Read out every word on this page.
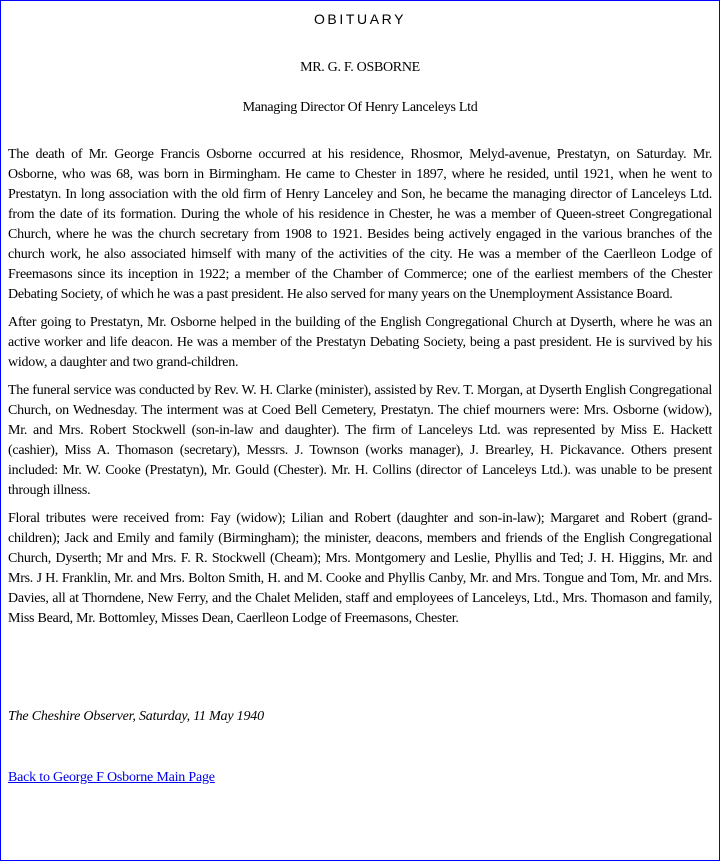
OBITUARY
MR. G. F. OSBORNE
Managing Director Of Henry Lanceleys Ltd

The death of Mr. George Francis Osborne occurred at his residence, Rhosmor, Melyd-avenue, Prestatyn, on Saturday. Mr. Osborne, who was 68, was born in Birmingham. He came to Chester in 1897, where he resided, until 1921, when he went to Prestatyn. In long association with the old firm of Henry Lanceley and Son, he became the managing director of Lanceleys Ltd. from the date of its formation. During the whole of his residence in Chester, he was a member of Queen-street Congregational Church, where he was the church secretary from 1908 to 1921. Besides being actively engaged in the various branches of the church work, he also associated himself with many of the activities of the city. He was a member of the Caerlleon Lodge of Freemasons since its inception in 1922; a member of the Chamber of Commerce; one of the earliest members of the Chester Debating Society, of which he was a past president. He also served for many years on the Unemployment Assistance Board.

After going to Prestatyn, Mr. Osborne helped in the building of the English Congregational Church at Dyserth, where he was an active worker and life deacon. He was a member of the Prestatyn Debating Society, being a past president. He is survived by his widow, a daughter and two grand-children.

The funeral service was conducted by Rev. W. H. Clarke (minister), assisted by Rev. T. Morgan, at Dyserth English Congregational Church, on Wednesday. The interment was at Coed Bell Cemetery, Prestatyn. The chief mourners were: Mrs. Osborne (widow), Mr. and Mrs. Robert Stockwell (son-in-law and daughter). The firm of Lanceleys Ltd. was represented by Miss E. Hackett (cashier), Miss A. Thomason (secretary), Messrs. J. Townson (works manager), J. Brearley, H. Pickavance. Others present included: Mr. W. Cooke (Prestatyn), Mr. Gould (Chester). Mr. H. Collins (director of Lanceleys Ltd.). was unable to be present through illness.

Floral tributes were received from: Fay (widow); Lilian and Robert (daughter and son-in-law); Margaret and Robert (grand-children); Jack and Emily and family (Birmingham); the minister, deacons, members and friends of the English Congregational Church, Dyserth; Mr and Mrs. F. R. Stockwell (Cheam); Mrs. Montgomery and Leslie, Phyllis and Ted; J. H. Higgins, Mr. and Mrs. J H. Franklin, Mr. and Mrs. Bolton Smith, H. and M. Cooke and Phyllis Canby, Mr. and Mrs. Tongue and Tom, Mr. and Mrs. Davies, all at Thorndene, New Ferry, and the Chalet Meliden, staff and employees of Lanceleys, Ltd., Mrs. Thomason and family, Miss Beard, Mr. Bottomley, Misses Dean, Caerlleon Lodge of Freemasons, Chester.

The Cheshire Observer, Saturday, 11 May 1940
Back to George F Osborne Main Page
